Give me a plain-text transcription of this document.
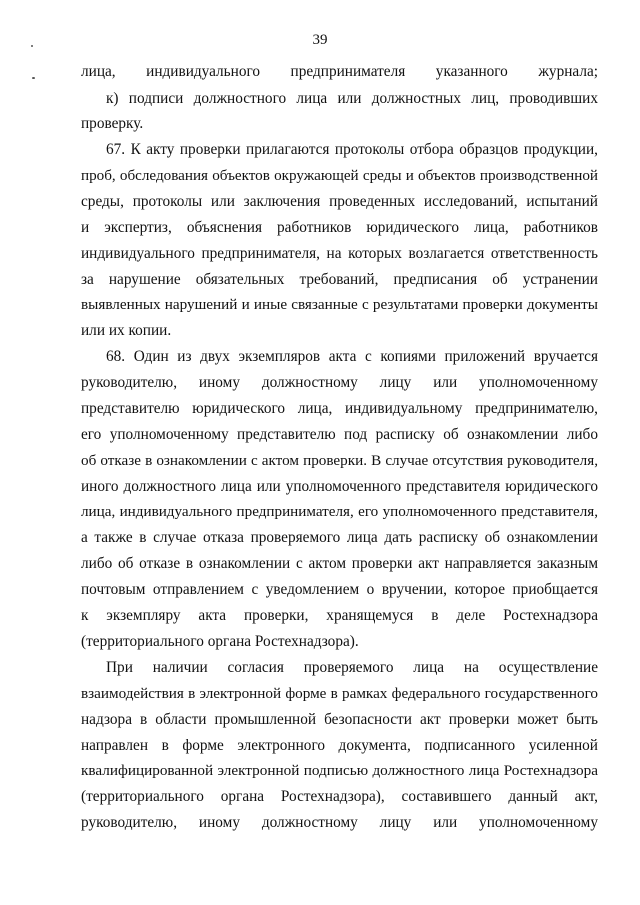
39
лица, индивидуального предпринимателя указанного журнала;
к) подписи должностного лица или должностных лиц, проводивших
проверку.
67. К акту проверки прилагаются протоколы отбора образцов продукции,
проб, обследования объектов окружающей среды и объектов производственной
среды, протоколы или заключения проведенных исследований, испытаний
и экспертиз, объяснения работников юридического лица, работников
индивидуального предпринимателя, на которых возлагается ответственность
за нарушение обязательных требований, предписания об устранении
выявленных нарушений и иные связанные с результатами проверки документы
или их копии.
68. Один из двух экземпляров акта с копиями приложений вручается
руководителю, иному должностному лицу или уполномоченному
представителю юридического лица, индивидуальному предпринимателю,
его уполномоченному представителю под расписку об ознакомлении либо
об отказе в ознакомлении с актом проверки. В случае отсутствия руководителя,
иного должностного лица или уполномоченного представителя юридического
лица, индивидуального предпринимателя, его уполномоченного представителя,
а также в случае отказа проверяемого лица дать расписку об ознакомлении
либо об отказе в ознакомлении с актом проверки акт направляется заказным
почтовым отправлением с уведомлением о вручении, которое приобщается
к экземпляру акта проверки, хранящемуся в деле Ростехнадзора
(территориального органа Ростехнадзора).
При наличии согласия проверяемого лица на осуществление
взаимодействия в электронной форме в рамках федерального государственного
надзора в области промышленной безопасности акт проверки может быть
направлен в форме электронного документа, подписанного усиленной
квалифицированной электронной подписью должностного лица Ростехнадзора
(территориального органа Ростехнадзора), составившего данный акт,
руководителю, иному должностному лицу или уполномоченному
